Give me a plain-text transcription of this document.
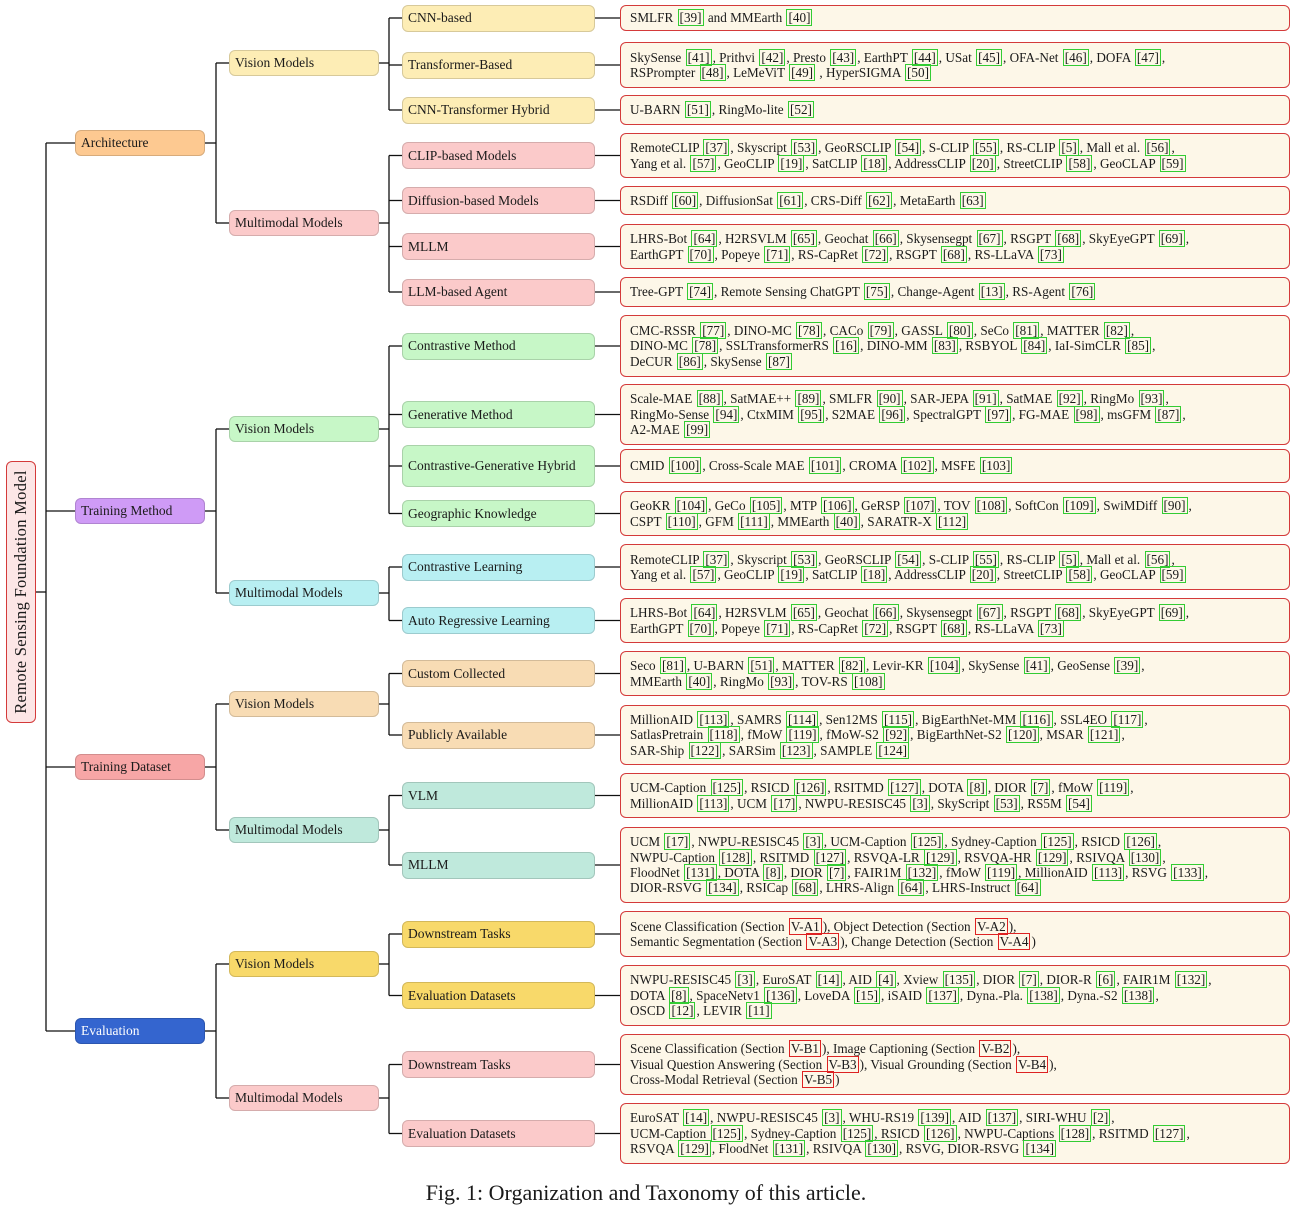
Remote Sensing Foundation Model
Architecture
Vision Models
CNN-based	SMLFR [39] and MMEarth [40]
Transformer-Based
SkySense [41] , Prithvi [42] , Presto [43] , EarthPT [44] , USat [45] , OFA-Net [46] , DOFA [47] ,
RSPrompter [48] , LeMeViT [49] , HyperSIGMA [50]
CNN-Transformer Hybrid	U-BARN [51] , RingMo-lite [52]
Multimodal Models
CLIP-based Models
RemoteCLIP [37] , Skyscript [53] , GeoRSCLIP [54] , S-CLIP [55] , RS-CLIP [5] , Mall et al. [56] ,
Yang et al. [57] , GeoCLIP [19] , SatCLIP [18] , AddressCLIP [20] , StreetCLIP [58] , GeoCLAP [59]
Diffusion-based Models	RSDiff [60] , DiffusionSat [61] , CRS-Diff [62] , MetaEarth [63]
MLLM
LHRS-Bot [64] , H2RSVLM [65] , Geochat [66] , Skysensegpt [67] , RSGPT [68] , SkyEyeGPT [69] ,
EarthGPT [70] , Popeye [71] , RS-CapRet [72] , RSGPT [68] , RS-LLaVA [73]
LLM-based Agent	Tree-GPT [74] , Remote Sensing ChatGPT [75] , Change-Agent [13] , RS-Agent [76]
Training Method
Vision Models
Contrastive Method
CMC-RSSR [77] , DINO-MC [78] , CACo [79] , GASSL [80] , SeCo [81] , MATTER [82] ,
DINO-MC [78] , SSLTransformerRS [16] , DINO-MM [83] , RSBYOL [84] , IaI-SimCLR [85] ,
DeCUR [86] , SkySense [87]
Generative Method
Scale-MAE [88] , SatMAE++ [89] , SMLFR [90] , SAR-JEPA [91] , SatMAE [92] , RingMo [93] ,
RingMo-Sense [94] , CtxMIM [95] , S2MAE [96] , SpectralGPT [97] , FG-MAE [98] , msGFM [87] ,
A2-MAE [99]
Contrastive-Generative Hybrid	CMID [100] , Cross-Scale MAE [101] , CROMA [102] , MSFE [103]
Geographic Knowledge
GeoKR [104] , GeCo [105] , MTP [106] , GeRSP [107] , TOV [108] , SoftCon [109] , SwiMDiff [90] ,
CSPT [110] , GFM [111] , MMEarth [40] , SARATR-X [112]
Multimodal Models
Contrastive Learning
RemoteCLIP [37] , Skyscript [53] , GeoRSCLIP [54] , S-CLIP [55] , RS-CLIP [5] , Mall et al. [56] ,
Yang et al. [57] , GeoCLIP [19] , SatCLIP [18] , AddressCLIP [20] , StreetCLIP [58] , GeoCLAP [59]
Auto Regressive Learning
LHRS-Bot [64] , H2RSVLM [65] , Geochat [66] , Skysensegpt [67] , RSGPT [68] , SkyEyeGPT [69] ,
EarthGPT [70] , Popeye [71] , RS-CapRet [72] , RSGPT [68] , RS-LLaVA [73]
Training Dataset
Vision Models
Custom Collected
Seco [81] , U-BARN [51] , MATTER [82] , Levir-KR [104] , SkySense [41] , GeoSense [39] ,
MMEarth [40] , RingMo [93] , TOV-RS [108]
Publicly Available
MillionAID [113] , SAMRS [114] , Sen12MS [115] , BigEarthNet-MM [116] , SSL4EO [117] ,
SatlasPretrain [118] , fMoW [119] , fMoW-S2 [92] , BigEarthNet-S2 [120] , MSAR [121] ,
SAR-Ship [122] , SARSim [123] , SAMPLE [124]
Multimodal Models
VLM
UCM-Caption [125] , RSICD [126] , RSITMD [127] , DOTA [8] , DIOR [7] , fMoW [119] ,
MillionAID [113] , UCM [17] , NWPU-RESISC45 [3] , SkyScript [53] , RS5M [54]
MLLM
UCM [17] , NWPU-RESISC45 [3] , UCM-Caption [125] , Sydney-Caption [125] , RSICD [126] ,
NWPU-Caption [128] , RSITMD [127] , RSVQA-LR [129] , RSVQA-HR [129] , RSIVQA [130] ,
FloodNet [131] , DOTA [8] , DIOR [7] , FAIR1M [132] , fMoW [119] , MillionAID [113] , RSVG [133] ,
DIOR-RSVG [134] , RSICap [68] , LHRS-Align [64] , LHRS-Instruct [64]
Evaluation
Vision Models
Downstream Tasks
Scene Classification (Section V-A1 ), Object Detection (Section V-A2 ),
Semantic Segmentation (Section V-A3 ), Change Detection (Section V-A4 )
Evaluation Datasets
NWPU-RESISC45 [3] , EuroSAT [14] , AID [4] , Xview [135] , DIOR [7] , DIOR-R [6] , FAIR1M [132] ,
DOTA [8] , SpaceNetv1 [136] , LoveDA [15] , iSAID [137] , Dyna.-Pla. [138] , Dyna.-S2 [138] ,
OSCD [12] , LEVIR [11]
Multimodal Models
Downstream Tasks
Scene Classification (Section V-B1 ), Image Captioning (Section V-B2 ),
Visual Question Answering (Section V-B3 ), Visual Grounding (Section V-B4 ),
Cross-Modal Retrieval (Section V-B5 )
Evaluation Datasets
EuroSAT [14] , NWPU-RESISC45 [3] , WHU-RS19 [139] , AID [137] , SIRI-WHU [2] ,
UCM-Caption [125] , Sydney-Caption [125] , RSICD [126] , NWPU-Captions [128] , RSITMD [127] ,
RSVQA [129] , FloodNet [131] , RSIVQA [130] , RSVG, DIOR-RSVG [134]
Fig. 1: Organization and Taxonomy of this article.
